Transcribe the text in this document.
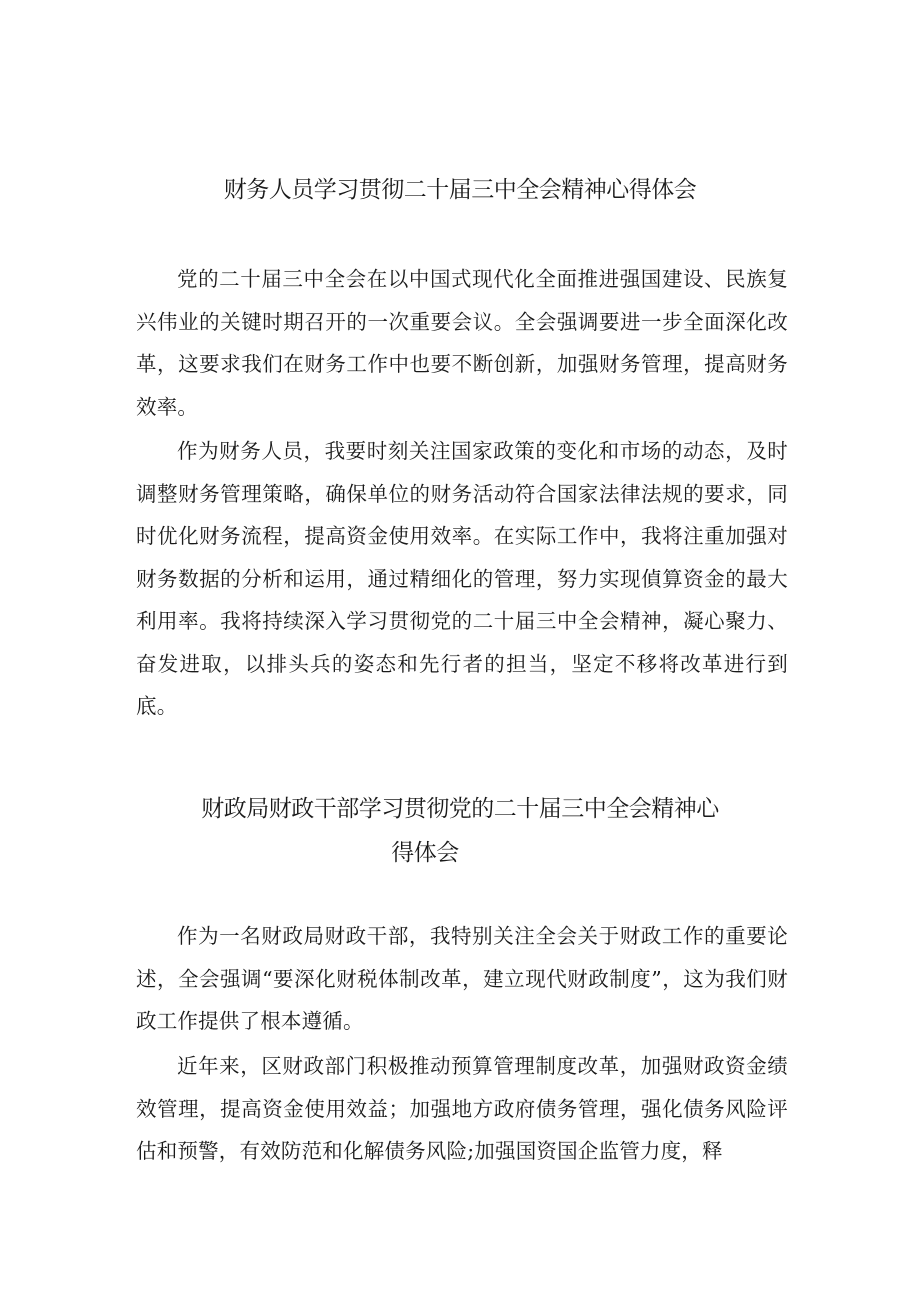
财务人员学习贯彻二十届三中全会精神心得体会

党的二十届三中全会在以中国式现代化全面推进强国建设、民族复兴伟业的关键时期召开的一次重要会议。全会强调要进一步全面深化改革，这要求我们在财务工作中也要不断创新，加强财务管理，提高财务效率。

作为财务人员，我要时刻关注国家政策的变化和市场的动态，及时调整财务管理策略，确保单位的财务活动符合国家法律法规的要求，同时优化财务流程，提高资金使用效率。在实际工作中，我将注重加强对财务数据的分析和运用，通过精细化的管理，努力实现偵算资金的最大利用率。我将持续深入学习贯彻党的二十届三中全会精神，凝心聚力、奋发进取，以排头兵的姿态和先行者的担当，坚定不移将改革进行到底。

财政局财政干部学习贯彻党的二十届三中全会精神心
得体会

作为一名财政局财政干部，我特别关注全会关于财政工作的重要论述，全会强调“要深化财税体制改革，建立现代财政制度”，这为我们财政工作提供了根本遵循。

近年来，区财政部门积极推动预算管理制度改革，加强财政资金绩效管理，提高资金使用效益；加强地方政府债务管理，强化债务风险评估和预警，有效防范和化解债务风险;加强国资国企监管力度，释
